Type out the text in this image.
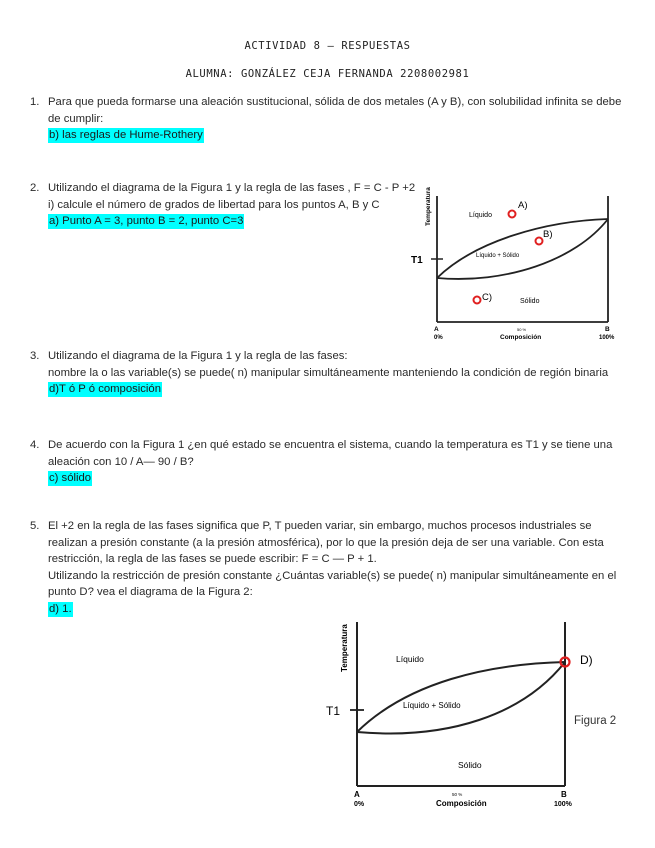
ACTIVIDAD 8 — RESPUESTAS
ALUMNA: GONZÁLEZ CEJA FERNANDA 2208002981
1. Para que pueda formarse una aleación sustitucional, sólida de dos metales (A y B), con solubilidad infinita se debe de cumplir:

b) las reglas de Hume-Rothery
2. Utilizando el diagrama de la Figura 1 y la regla de las fases , F = C - P +2

i) calcule el número de grados de libertad para los puntos A, B y C

a) Punto A = 3, punto B = 2, punto C=3	Temperatura
T1
Líquido
Líquido + Sólido
Sólido
A)
B)
C)
A
0%
50 %
Composición
B
100%
3. Utilizando el diagrama de la Figura 1 y la regla de las fases:

nombre la o las variable(s) se puede( n) manipular simultáneamente manteniendo la condición de región binaria

d)T ó P ó composición
4. De acuerdo con la Figura 1 ¿en qué estado se encuentra el sistema, cuando la temperatura es T1 y se tiene una aleación con 10 / A— 90 / B?

c) sólido
5. El +2 en la regla de las fases significa que P, T pueden variar, sin embargo, muchos procesos industriales se realizan a presión constante (a la presión atmosférica), por lo que la presión deja de ser una variable. Con esta restricción, la regla de las fases se puede escribir: F = C — P + 1.

Utilizando la restricción de presión constante ¿Cuántas variable(s) se puede( n) manipular simultáneamente en el punto D? vea el diagrama de la Figura 2:

d) 1.
Temperatura
T1
Líquido
Líquido + Sólido
Sólido
D)
Figura 2
A
0%
50 %
Composición
B
100%
